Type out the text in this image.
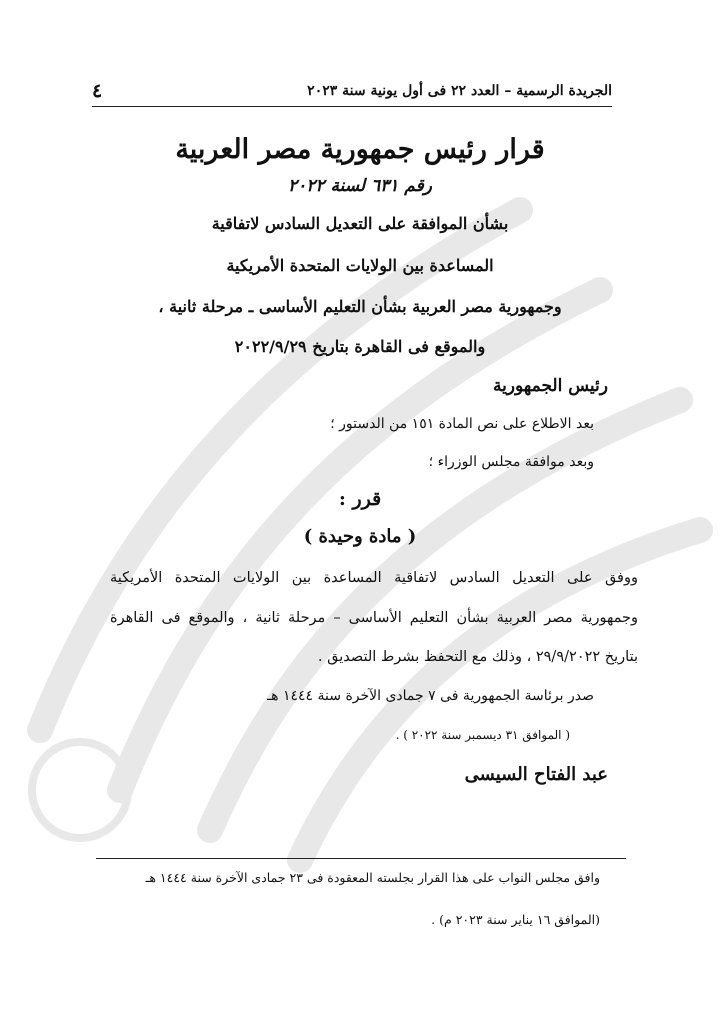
الجريدة الرسمية – العدد ٢٢ فى أول يونية سنة ٢٠٢٣
٤
قرار رئيس جمهورية مصر العربية
رقم ٦٣١ لسنة ٢٠٢٢
بشأن الموافقة على التعديل السادس لاتفاقية
المساعدة بين الولايات المتحدة الأمريكية
وجمهورية مصر العربية بشأن التعليم الأساسى ـ مرحلة ثانية ،
والموقع فى القاهرة بتاريخ ٢٠٢٢/٩/٢٩
رئيس الجمهورية
بعد الاطلاع على نص المادة ١٥١ من الدستور ؛
وبعد موافقة مجلس الوزراء ؛
قرر :
( مادة وحيدة )
ووفق على التعديل السادس لاتفاقية المساعدة بين الولايات المتحدة الأمريكية
وجمهورية مصر العربية بشأن التعليم الأساسى – مرحلة ثانية ، والموقع فى القاهرة
بتاريخ ٢٩/٩/٢٠٢٢ ، وذلك مع التحفظ بشرط التصديق .
صدر برئاسة الجمهورية فى ٧ جمادى الآخرة سنة ١٤٤٤ هـ
( الموافق ٣١ ديسمبر سنة ٢٠٢٢ ) .
عبد الفتاح السيسى
وافق مجلس النواب على هذا القرار بجلسته المعقودة فى ٢٣ جمادى الآخرة سنة ١٤٤٤ هـ
(الموافق ١٦ يناير سنة ٢٠٢٣ م) .
